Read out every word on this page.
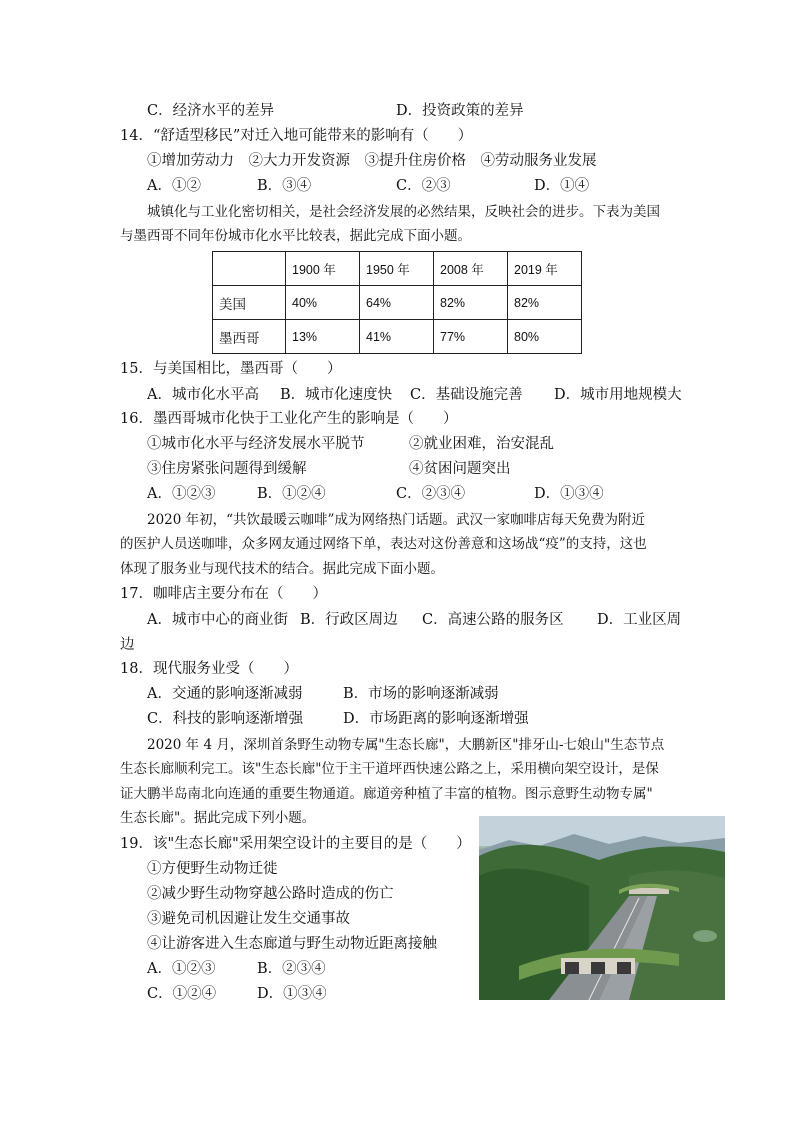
C．经济水平的差异	D．投资政策的差异
14．“舒适型移民”对迁入地可能带来的影响有（　　）
①增加劳动力　②大力开发资源　③提升住房价格　④劳动服务业发展
A．①②	B．③④	C．②③	D．①④
城镇化与工业化密切相关，是社会经济发展的必然结果，反映社会的进步。下表为美国
与墨西哥不同年份城市化水平比较表，据此完成下面小题。
	1900 年	1950 年	2008 年	2019 年
美国	40%	64%	82%	82%
墨西哥	13%	41%	77%	80%
15．与美国相比，墨西哥（　　）
A．城市化水平高 B．城市化速度快 C．基础设施完善 D．城市用地规模大
16．墨西哥城市化快于工业化产生的影响是（　　）
①城市化水平与经济发展水平脱节	②就业困难，治安混乱
③住房紧张问题得到缓解	④贫困问题突出
A．①②③	B．①②④	C．②③④	D．①③④
2020 年初，“共饮最暖云咖啡”成为网络热门话题。武汉一家咖啡店每天免费为附近
的医护人员送咖啡，众多网友通过网络下单，表达对这份善意和这场战“疫”的支持，这也
体现了服务业与现代技术的结合。据此完成下面小题。
17．咖啡店主要分布在（　　）
A．城市中心的商业街 B．行政区周边 C．高速公路的服务区 D．工业区周
边
18．现代服务业受（　　）
A．交通的影响逐渐减弱	B．市场的影响逐渐减弱
C．科技的影响逐渐增强	D．市场距离的影响逐渐增强
2020 年 4 月，深圳首条野生动物专属"生态长廊"，大鹏新区"排牙山-七娘山"生态节点
生态长廊顺利完工。该"生态长廊"位于主干道坪西快速公路之上，采用横向架空设计，是保
证大鹏半岛南北向连通的重要生物通道。廊道旁种植了丰富的植物。图示意野生动物专属"
生态长廊"。据此完成下列小题。
19．该"生态长廊"采用架空设计的主要目的是（　　）
①方便野生动物迁徙
②减少野生动物穿越公路时造成的伤亡
③避免司机因避让发生交通事故
④让游客进入生态廊道与野生动物近距离接触
A．①②③	B．②③④
C．①②④	D．①③④
